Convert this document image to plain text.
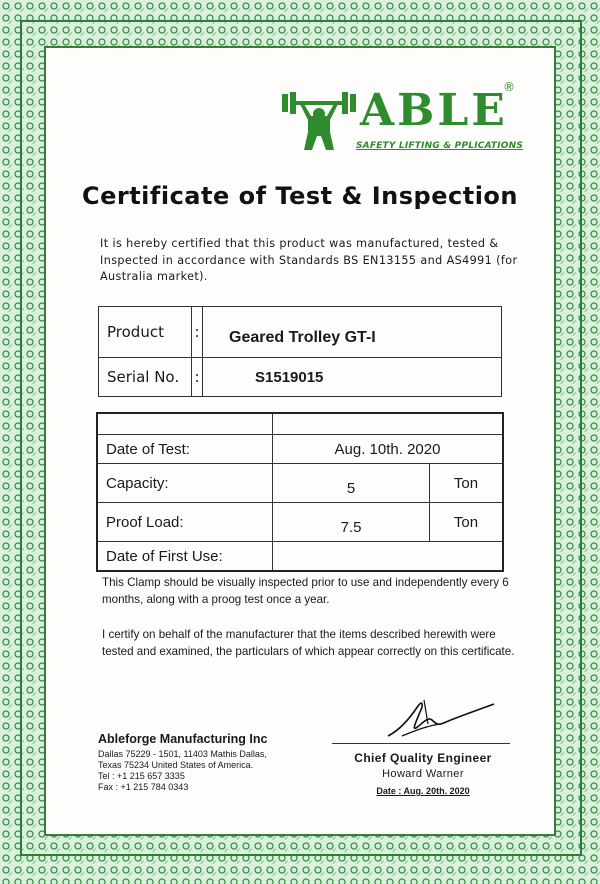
ABLE
®
SAFETY LIFTING & PPLICATIONS
Certificate of Test & Inspection
It is hereby certified that this product was manufactured, tested & Inspected in accordance with Standards BS EN13155 and AS4991 (for Australia market).
Product	:	Geared Trolley GT-I
Serial No.	:	S1519015

Date of Test:	Aug. 10th. 2020	
Capacity:	5	Ton
Proof Load:	7.5	Ton
Date of First Use:		
This Clamp should be visually inspected prior to use and independently every 6 months, along with a proog test once a year.
I certify on behalf of the manufacturer that the items described herewith were tested and examined, the particulars of which appear correctly on this certificate.
Ableforge Manufacturing Inc
Dallas 75229 - 1501, 11403 Mathis Dallas,
Texas 75234 United States of America.
Tel : +1 215 657 3335
Fax : +1 215 784 0343
Chief Quality Engineer
Howard Warner
Date : Aug. 20th. 2020
